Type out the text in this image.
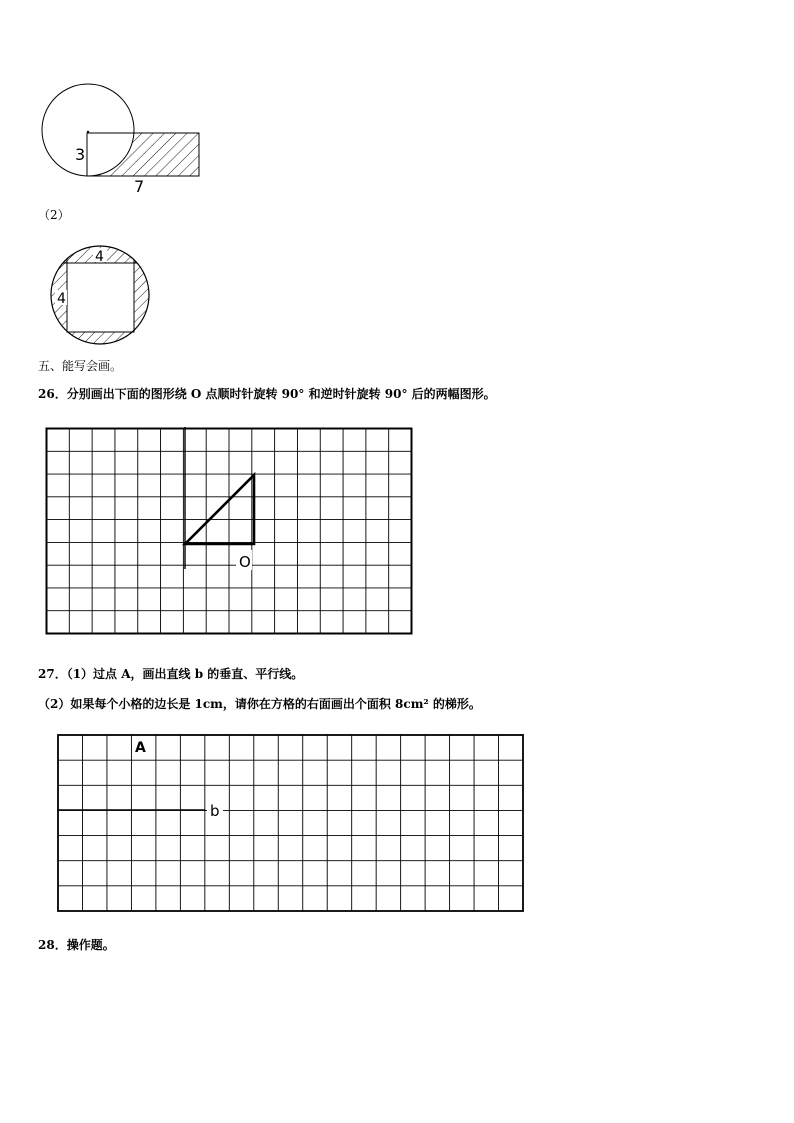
3
7
（2）
4
4
五、能写会画。
26．分别画出下面的图形绕 O 点顺时针旋转 90° 和逆时针旋转 90° 后的两幅图形。
O
27．（1）过点 A，画出直线 b 的垂直、平行线。
（2）如果每个小格的边长是 1cm，请你在方格的右面画出个面积 8cm² 的梯形。
b
A
28．操作题。
